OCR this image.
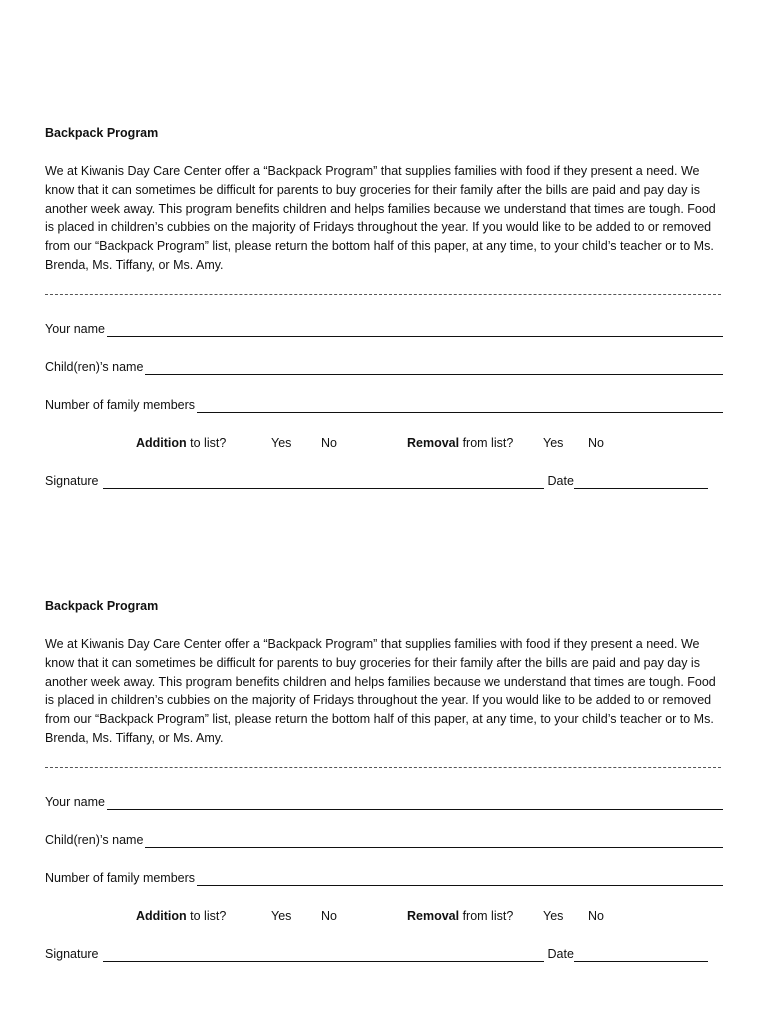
Backpack Program
We at Kiwanis Day Care Center offer a “Backpack Program” that supplies families with food if they present a need. We know that it can sometimes be difficult for parents to buy groceries for their family after the bills are paid and pay day is another week away. This program benefits children and helps families because we understand that times are tough. Food is placed in children’s cubbies on the majority of Fridays throughout the year. If you would like to be added to or removed from our “Backpack Program” list, please return the bottom half of this paper, at any time, to your child’s teacher or to Ms. Brenda, Ms. Tiffany, or Ms. Amy.
Your name
Child(ren)’s name
Number of family members
Addition to list?	Yes No	Removal from list? Yes No
Signature	Date
Backpack Program
We at Kiwanis Day Care Center offer a “Backpack Program” that supplies families with food if they present a need. We know that it can sometimes be difficult for parents to buy groceries for their family after the bills are paid and pay day is another week away. This program benefits children and helps families because we understand that times are tough. Food is placed in children’s cubbies on the majority of Fridays throughout the year. If you would like to be added to or removed from our “Backpack Program” list, please return the bottom half of this paper, at any time, to your child’s teacher or to Ms. Brenda, Ms. Tiffany, or Ms. Amy.
Your name
Child(ren)’s name
Number of family members
Addition to list?	Yes No	Removal from list? Yes No
Signature	Date
